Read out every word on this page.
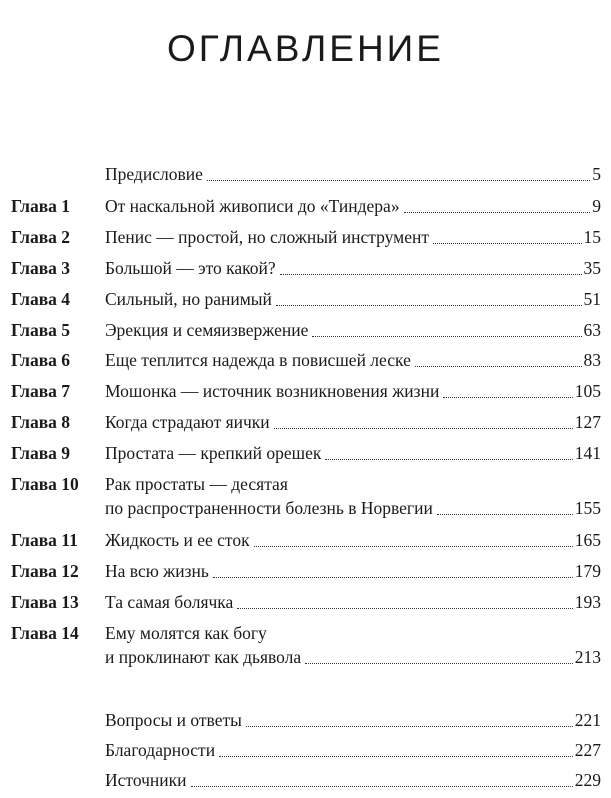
ОГЛАВЛЕНИЕ
Предисловие	5
Глава 1 От наскальной живописи до «Тиндера»	9
Глава 2 Пенис — простой, но сложный инструмент	15
Глава 3 Большой — это какой?	35
Глава 4 Сильный, но ранимый	51
Глава 5 Эрекция и семяизвержение	63
Глава 6 Еще теплится надежда в повисшей леске	83
Глава 7 Мошонка — источник возникновения жизни	105
Глава 8 Когда страдают яички	127
Глава 9 Простата — крепкий орешек	141
Глава 10 Рак простаты — десятая
по распространенности болезнь в Норвегии	155
Глава 11 Жидкость и ее сток	165
Глава 12 На всю жизнь	179
Глава 13 Та самая болячка	193
Глава 14 Ему молятся как богу
и проклинают как дьявола	213
Вопросы и ответы	221
Благодарности	227
Источники	229
